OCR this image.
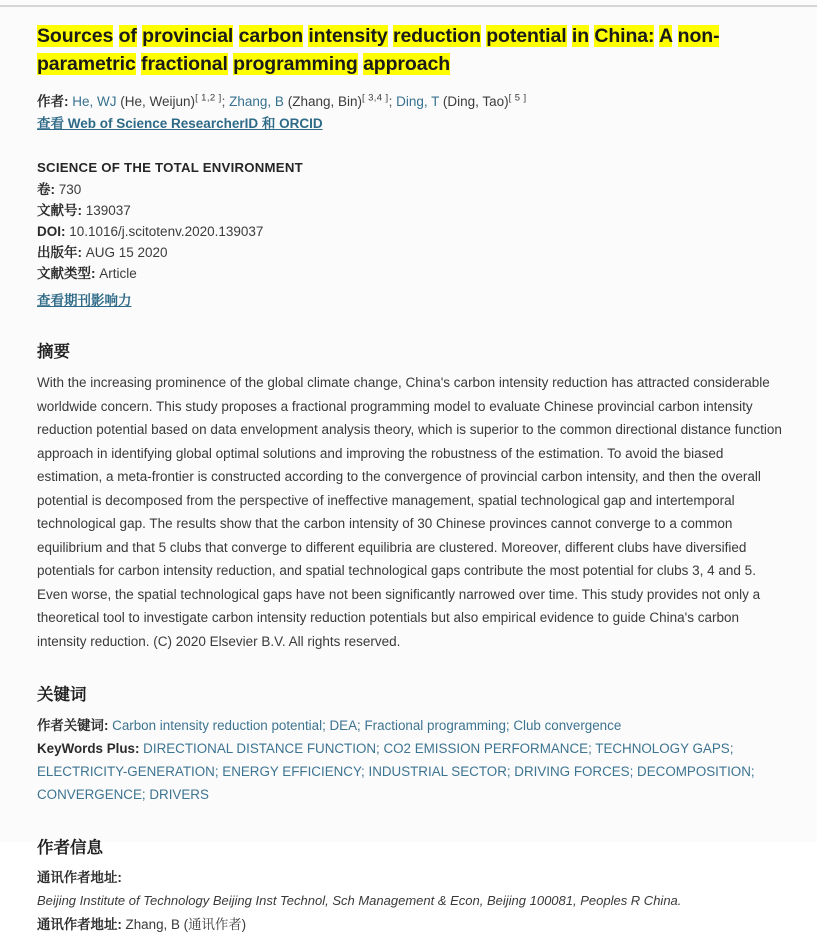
Sources of provincial carbon intensity reduction potential in China: A non-parametric fractional programming approach
作者: He, WJ (He, Weijun)[ 1,2 ]; Zhang, B (Zhang, Bin)[ 3,4 ]; Ding, T (Ding, Tao)[ 5 ]
查看 Web of Science ResearcherID 和 ORCID
SCIENCE OF THE TOTAL ENVIRONMENT
卷: 730
文献号: 139037
DOI: 10.1016/j.scitotenv.2020.139037
出版年: AUG 15 2020
文献类型: Article
查看期刊影响力
摘要
With the increasing prominence of the global climate change, China's carbon intensity reduction has attracted considerable worldwide concern. This study proposes a fractional programming model to evaluate Chinese provincial carbon intensity reduction potential based on data envelopment analysis theory, which is superior to the common directional distance function approach in identifying global optimal solutions and improving the robustness of the estimation. To avoid the biased estimation, a meta-frontier is constructed according to the convergence of provincial carbon intensity, and then the overall potential is decomposed from the perspective of ineffective management, spatial technological gap and intertemporal technological gap. The results show that the carbon intensity of 30 Chinese provinces cannot converge to a common equilibrium and that 5 clubs that converge to different equilibria are clustered. Moreover, different clubs have diversified potentials for carbon intensity reduction, and spatial technological gaps contribute the most potential for clubs 3, 4 and 5. Even worse, the spatial technological gaps have not been significantly narrowed over time. This study provides not only a theoretical tool to investigate carbon intensity reduction potentials but also empirical evidence to guide China's carbon intensity reduction. (C) 2020 Elsevier B.V. All rights reserved.
关键词
作者关键词: Carbon intensity reduction potential; DEA; Fractional programming; Club convergence
KeyWords Plus: DIRECTIONAL DISTANCE FUNCTION; CO2 EMISSION PERFORMANCE; TECHNOLOGY GAPS; ELECTRICITY-GENERATION; ENERGY EFFICIENCY; INDUSTRIAL SECTOR; DRIVING FORCES; DECOMPOSITION; CONVERGENCE; DRIVERS
作者信息
通讯作者地址:
Beijing Institute of Technology Beijing Inst Technol, Sch Management & Econ, Beijing 100081, Peoples R China.
通讯作者地址: Zhang, B (通讯作者)
